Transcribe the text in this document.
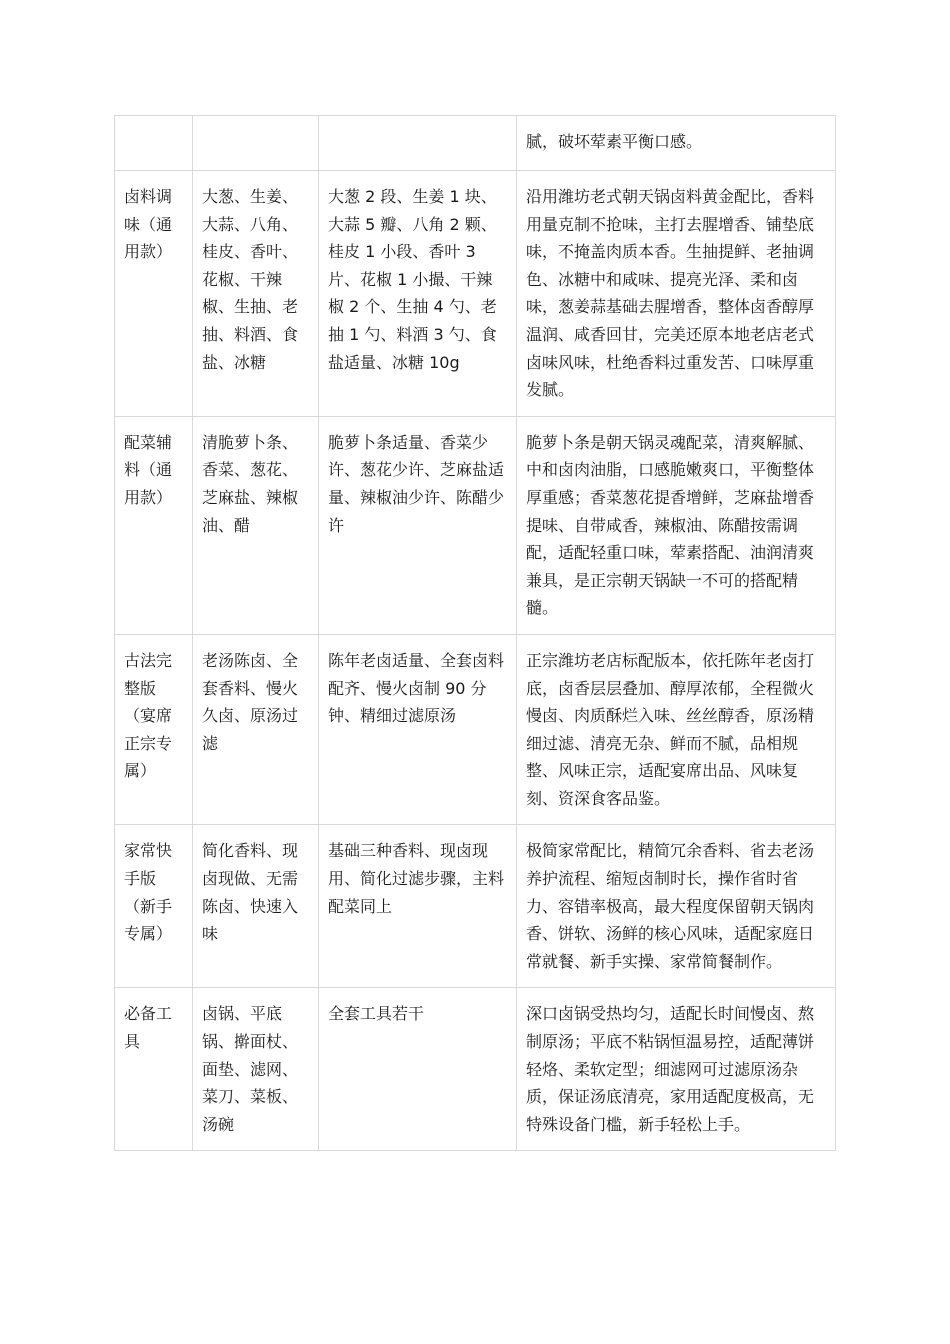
			腻，破坏荤素平衡口感。
卤料调味（通用款）	大葱、生姜、大蒜、八角、桂皮、香叶、花椒、干辣椒、生抽、老抽、料酒、食盐、冰糖	大葱 2 段、生姜 1 块、大蒜 5 瓣、八角 2 颗、桂皮 1 小段、香叶 3 片、花椒 1 小撮、干辣椒 2 个、生抽 4 勺、老抽 1 勺、料酒 3 勺、食盐适量、冰糖 10g	沿用潍坊老式朝天锅卤料黄金配比，香料用量克制不抢味，主打去腥增香、铺垫底味，不掩盖肉质本香。生抽提鲜、老抽调色、冰糖中和咸味、提亮光泽、柔和卤味，葱姜蒜基础去腥增香，整体卤香醇厚温润、咸香回甘，完美还原本地老店老式卤味风味，杜绝香料过重发苦、口味厚重发腻。
配菜辅料（通用款）	清脆萝卜条、香菜、葱花、芝麻盐、辣椒油、醋	脆萝卜条适量、香菜少许、葱花少许、芝麻盐适量、辣椒油少许、陈醋少许	脆萝卜条是朝天锅灵魂配菜，清爽解腻、中和卤肉油脂，口感脆嫩爽口，平衡整体厚重感；香菜葱花提香增鲜，芝麻盐增香提味、自带咸香，辣椒油、陈醋按需调配，适配轻重口味，荤素搭配、油润清爽兼具，是正宗朝天锅缺一不可的搭配精髓。
古法完整版（宴席正宗专属）	老汤陈卤、全套香料、慢火久卤、原汤过滤	陈年老卤适量、全套卤料配齐、慢火卤制 90 分钟、精细过滤原汤	正宗潍坊老店标配版本，依托陈年老卤打底，卤香层层叠加、醇厚浓郁，全程微火慢卤、肉质酥烂入味、丝丝醇香，原汤精细过滤、清亮无杂、鲜而不腻，品相规整、风味正宗，适配宴席出品、风味复刻、资深食客品鉴。
家常快手版（新手专属）	简化香料、现卤现做、无需陈卤、快速入味	基础三种香料、现卤现用、简化过滤步骤，主料配菜同上	极简家常配比，精简冗余香料、省去老汤养护流程、缩短卤制时长，操作省时省力、容错率极高，最大程度保留朝天锅肉香、饼软、汤鲜的核心风味，适配家庭日常就餐、新手实操、家常简餐制作。
必备工具	卤锅、平底锅、擀面杖、面垫、滤网、菜刀、菜板、汤碗	全套工具若干	深口卤锅受热均匀，适配长时间慢卤、熬制原汤；平底不粘锅恒温易控，适配薄饼轻烙、柔软定型；细滤网可过滤原汤杂质，保证汤底清亮，家用适配度极高，无特殊设备门槛，新手轻松上手。
